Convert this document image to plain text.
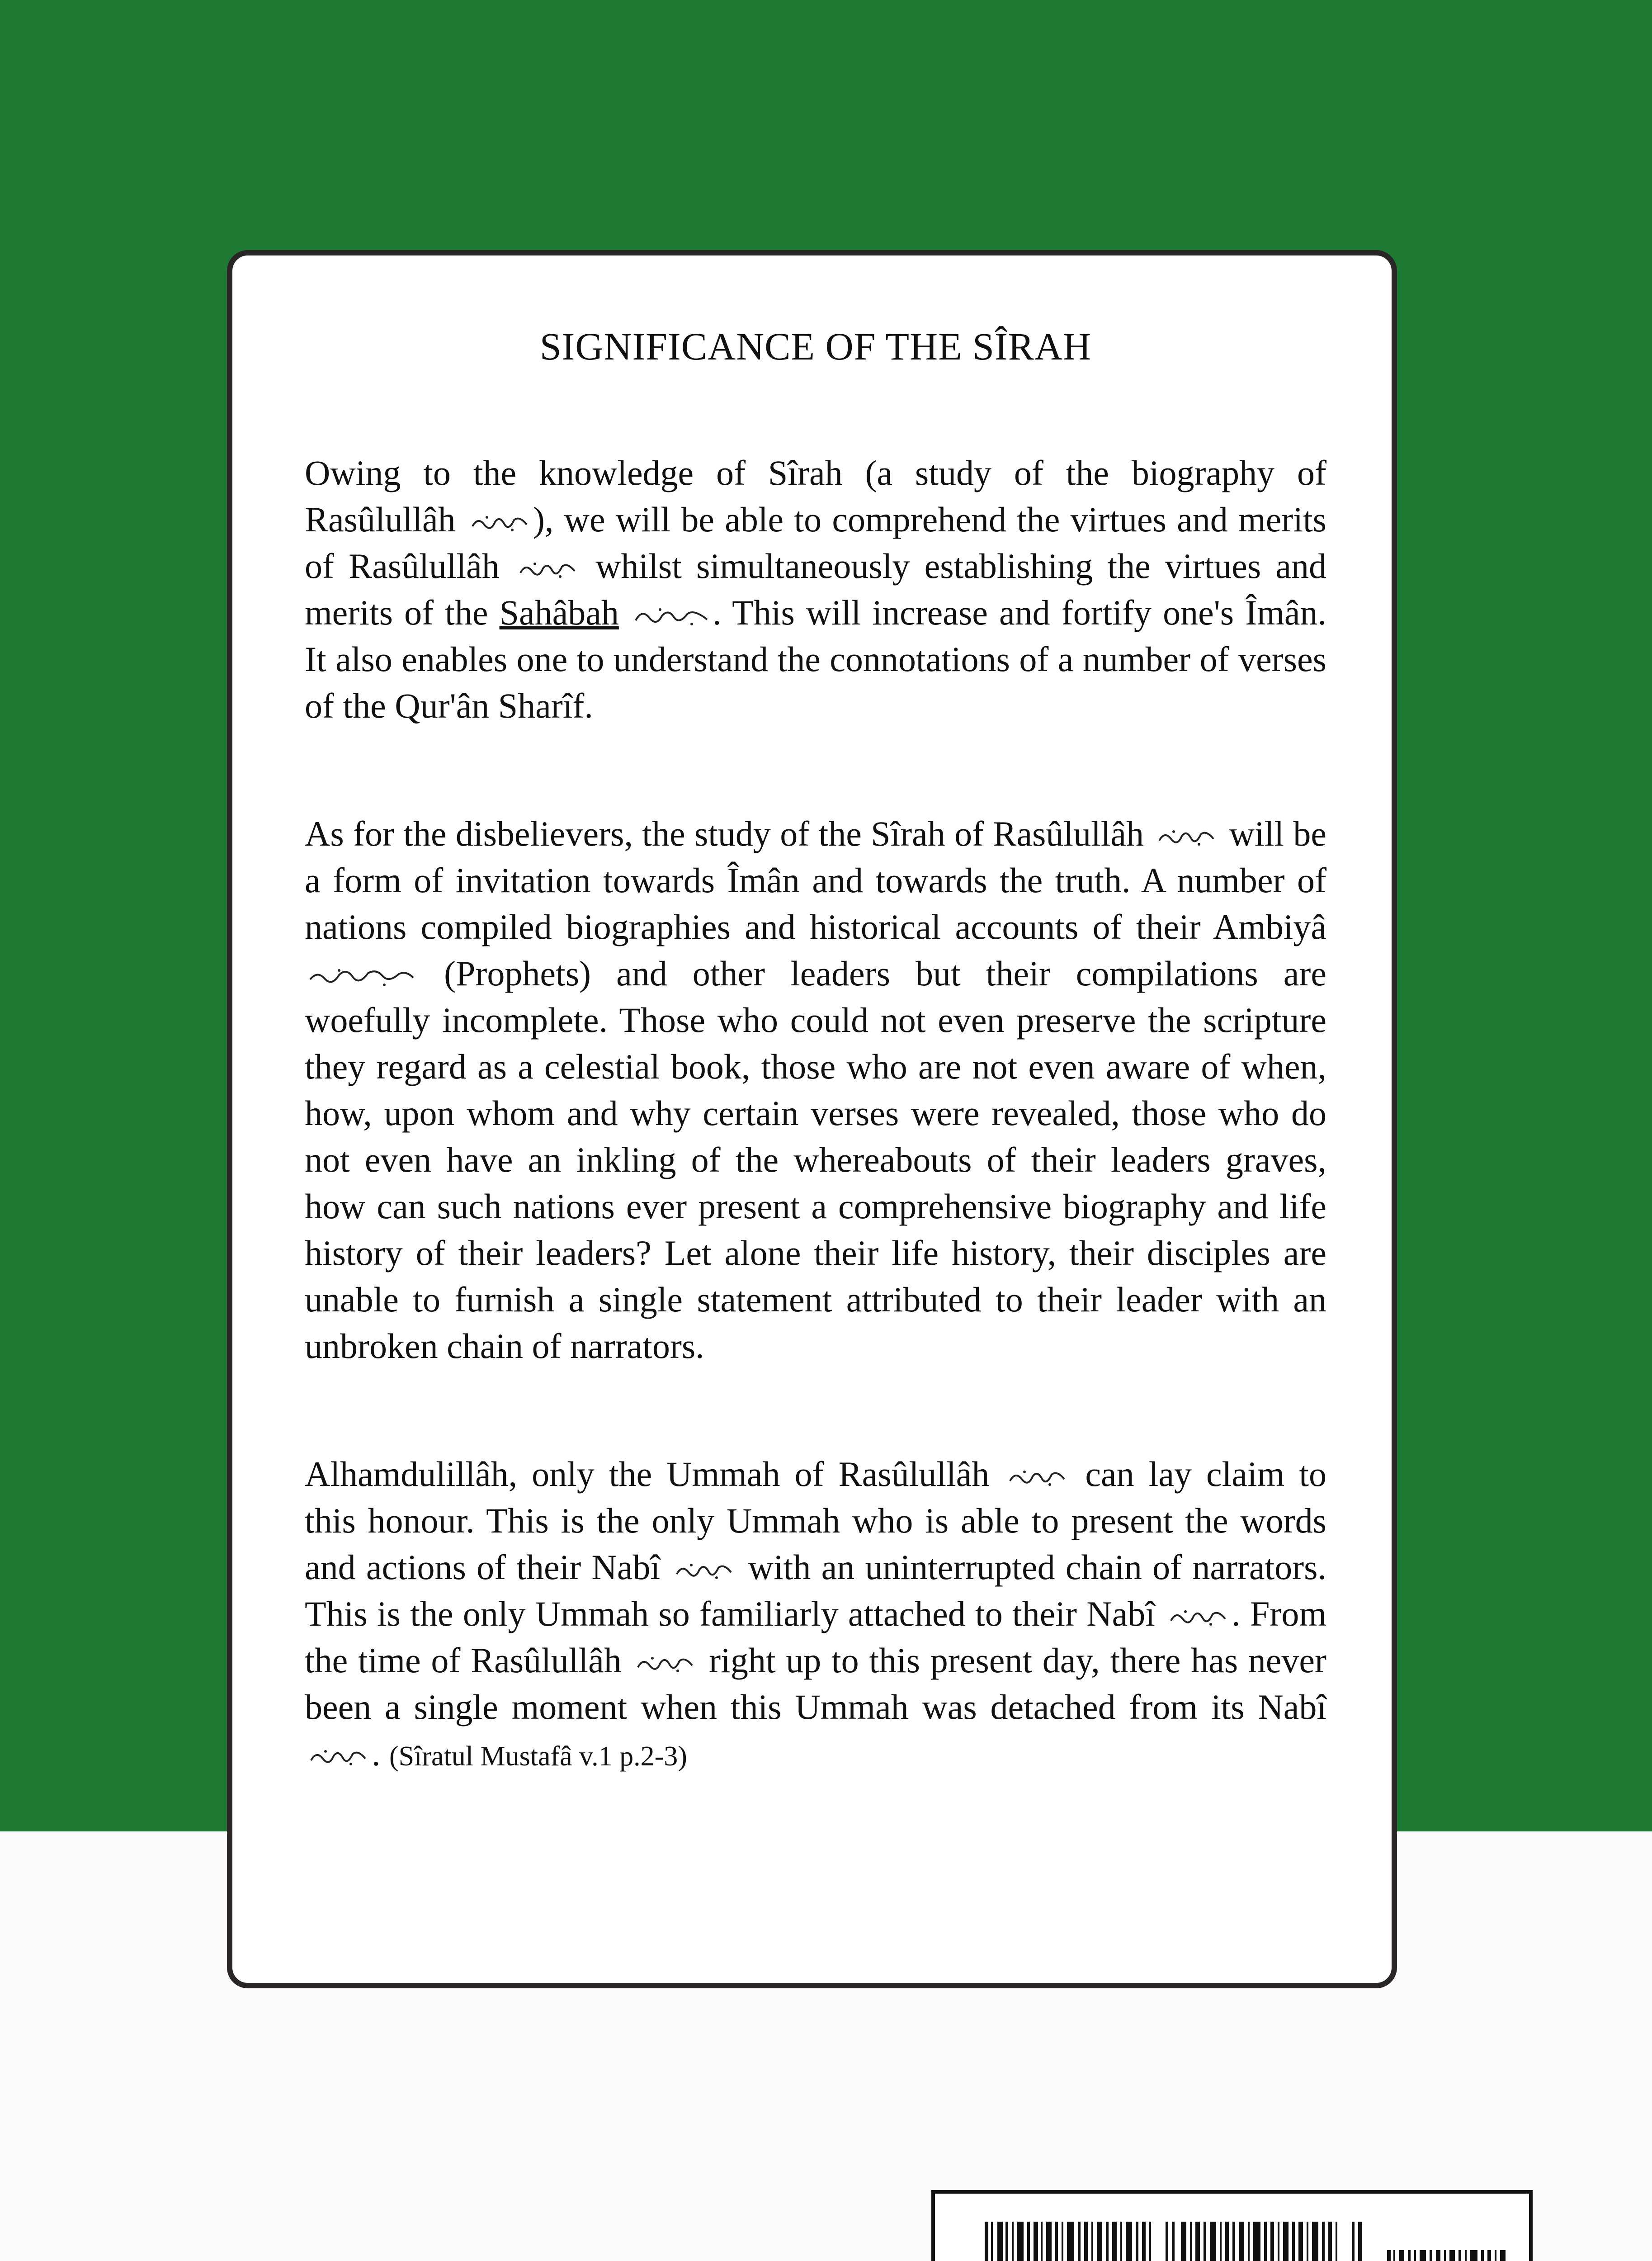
SIGNIFICANCE OF THE SÎRAH

Owing to the knowledge of Sîrah (a study of the biography of Rasûlullâh ), we will be able to comprehend the virtues and merits of Rasûlullâh	whilst simultaneously establishing the virtues and merits of the Sahâbah	. This will increase and fortify one's Îmân. It also enables one to understand the connotations of a number of verses of the Qur'ân Sharîf.

As for the disbelievers, the study of the Sîrah of Rasûlullâh will be a form of invitation towards Îmân and towards the truth. A number of nations compiled biographies and historical accounts of their Ambiyâ
(Prophets) and other leaders but their compilations are woefully incomplete. Those who could not even preserve the scripture they regard as a celestial book, those who are not even aware of when, how, upon whom and why certain verses were revealed, those who do not even have an inkling of the whereabouts of their leaders graves, how can such nations ever present a comprehensive biography and life history of their leaders? Let alone their life history, their disciples are unable to furnish a single statement attributed to their leader with an unbroken chain of narrators.

Alhamdulillâh, only the Ummah of Rasûlullâh	can lay claim to this honour. This is the only Ummah who is able to present the words and actions of their Nabî with an uninterrupted chain of narrators. This is the only Ummah so familiarly attached to their Nabî . From the time of Rasûlullâh right up to this present day, there has never been a single moment when this Ummah was detached from its Nabî
. (Sîratul Mustafâ v.1 p.2-3)
